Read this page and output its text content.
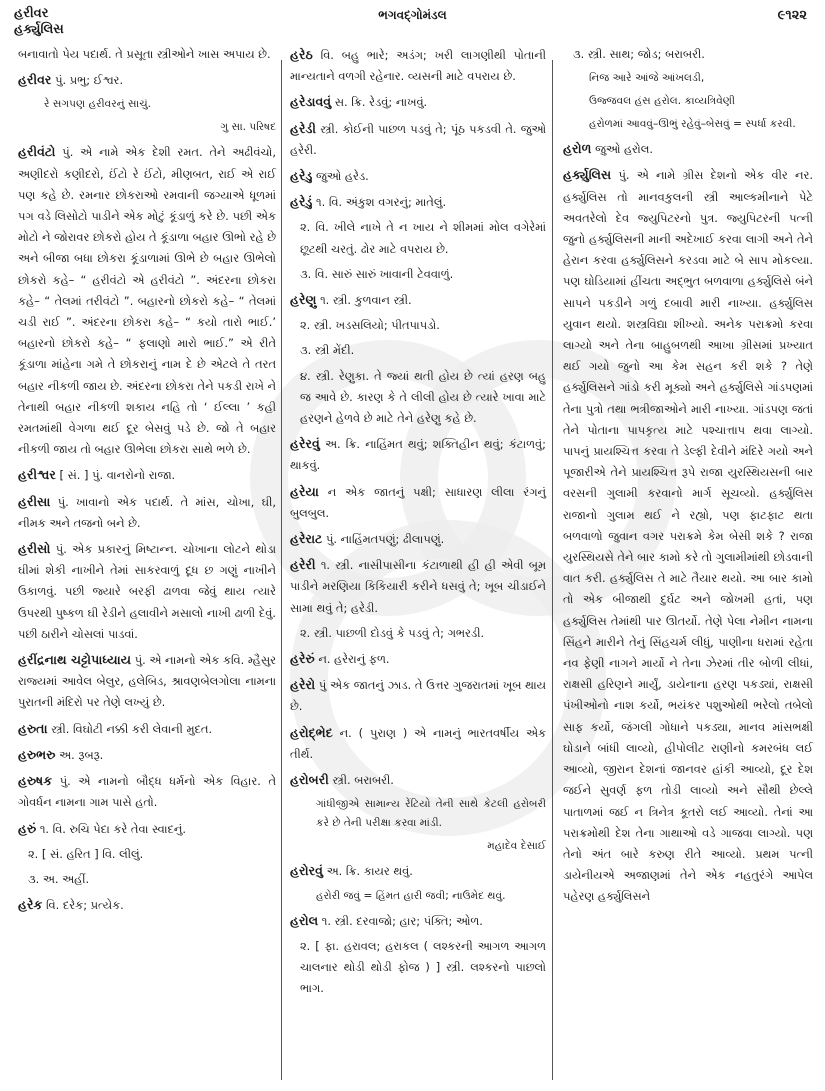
હરીવર
હર્ક્યુલિસ
ભગવદ્ગોમંડલ	૯૧૨૨
બનાવાતો પેય પદાર્થ. તે પ્રસૂતા સ્ત્રીઓને ખાસ અપાય છે.
હરીવર પું. પ્રભુ; ઈશ્વર.
રે સગપણ હરીવરનું સાચું.
ગુ સા. પરિષદ
હરીવંટો પું. એ નામે એક દેશી રમત. તેને અઢીવંચો, અણીદરો કણીદરો, ઈંટો રે ઈંટો, મીણબત, રાઈ એ રાઈ પણ કહે છે. રમનાર છોકરાઓ રમવાની જગ્યાએ ધૂળમાં પગ વડે લિસોટો પાડીને એક મોટું કૂંડાળું કરે છે. પછી એક મોટો ને જોરાવર છોકરો હોય તે કૂંડાળા બહાર ઊભો રહે છે અને બીજા બધા છોકરા કૂંડાળામાં ઊભે છે બહાર ઊભેલો છોકરો કહે– “ હરીવંટો એ હરીવંટો ”. અંદરના છોકરા કહે– “ તેલમાં તરીવંટો ”. બહારનો છોકરો કહે– “ તેલમાં ચડી રાઈ ”. અંદરના છોકરા કહે– “ કયો તારો ભાઈ.’ બહારનો છોકરો કહે– “ ફલાણો મારો ભાઈ.” એ રીતે કૂંડાળા માંહેના ગમે તે છોકરાનું નામ દે છે એટલે તે તરત બહાર નીકળી જાય છે. અંદરના છોકરા તેને પકડી રાખે ને તેનાથી બહાર નીકળી શકાય નહિ તો ‘ ઈલ્લા ’ કહી રમતમાંથી વેગળા થઈ દૂર બેસવું પડે છે. જો તે બહાર નીકળી જાય તો બહાર ઊભેલા છોકરા સાથે ભળે છે.
હરીશ્વર [ સં. ] પું. વાનરોનો રાજા.
હરીસા પું. ખાવાનો એક પદાર્થ. તે માંસ, ચોખા, ઘી, નીમક અને તજનો બને છે.
હરીસો પું. એક પ્રકારનું મિષ્ટાન્ન. ચોખાના લોટને થોડા ઘીમાં શેકી નાખીને તેમાં સાકરવાળું દૂધ છ ગણું નાખીને ઉકાળવું. પછી જ્યારે બરફી ઢાળવા જેવું થાય ત્યારે ઉપરથી પુષ્કળ ઘી રેડીને હલાવીને મસાલો નાખી ઢાળી દેવું. પછી ઠારીને ચોસલાં પાડવાં.
હરીંદ્રનાથ ચટ્ટોપાધ્યાય પું. એ નામનો એક કવિ. મ્હૈસુર રાજ્યમાં આવેલ બેલુર, હલેબિડ, શ્રાવણબેલગોલા નામના પુરાતની મંદિરો પર તેણે લખ્યું છે.
હરુતા સ્ત્રી. વિઘોટી નક્કી કરી લેવાની મુદત.
હરુભરુ અ. રૂબરૂ.
હરુષક પું. એ નામનો બૌદ્ધ ધર્મનો એક વિહાર. તે ગોવર્ધન નામના ગામ પાસે હતો.
હરું ૧. વિ. રુચિ પેદા કરે તેવા સ્વાદનું.
૨. [ સં. હરિત ] વિ. લીલું.
૩. અ. અહીં.
હરેક વિ. દરેક; પ્રત્યેક.
હરેઠ વિ. બહુ ભારે; અડંગ; ખરી લાગણીથી પોતાની માન્યતાને વળગી રહેનાર. વ્યસની માટે વપરાય છે.
હરેડાવવું સ. ક્રિ. રેડવું; નાખવું.
હરેડી સ્ત્રી. કોઈની પાછળ પડવું તે; પૂંઠ પકડવી તે. જુઓ હરેરી.
હરેડુ જુઓ હરેડ.
હરેડું ૧. વિ. અંકુશ વગરનું; માતેલું.
૨. વિ. ખીલે નાખે તે ન ખાય ને શીમમાં મોલ વગેરેમાં છૂટથી ચરતું. ઢોર માટે વપરાય છે.
૩. વિ. સારું સારું ખાવાની ટેવવાળું.
હરેણુ ૧. સ્ત્રી. કુળવાન સ્ત્રી.
૨. સ્ત્રી. ખડસલિયો; પીતપાપડો.
૩. સ્ત્રી મેંદી.
૪. સ્ત્રી. રેણુકા. તે જ્યાં થતી હોય છે ત્યાં હરણ બહુ જ આવે છે. કારણ કે તે લીલી હોય છે ત્યારે ખાવા માટે હરણને હેળવે છે માટે તેને હરેણુ કહે છે.
હરેરવું અ. ક્રિ. નાહિંમત થવું; શક્તિહીન થવું; કંટાળવું; થાકવું.
હરેયા ન એક જાતનું પક્ષી; સાધારણ લીલા રંગનું બુલબુલ.
હરેરાટ પું. નાહિંમતપણું; ઢીલાપણું.
હરેરી ૧. સ્ત્રી. નાસીપાસીના કંટાળાથી હી હી એવી બૂમ પાડીને મરણિયા કિકિયારી કરીને ધસવું તે; ખૂબ ચીડાઈને સામા થવું તે; હરેડી.
૨. સ્ત્રી. પાછળી દોડવું કે પડવું તે; ગભરડી.
હરેરું ન. હરેરાનું ફળ.
હરેરો પું એક જાતનું ઝાડ. તે ઉત્તર ગુજરાતમાં ખૂબ થાય છે.
હરોદ્ભેદ ન. ( પુરાણ ) એ નામનું ભારતવર્ષીય એક તીર્થ.
હરોબરી સ્ત્રી. બરાબરી.
ગાંધીજીએ સામાન્ય રેંટિયો તેની સાથે કેટલી હરોબરી કરે છે તેની પરીક્ષા કરવા માંડી.
મહાદેવ દેસાઈ
હરોરવું અ. ક્રિ. કાયર થવું.
હરોરી જવું = હિંમત હારી જવી; નાઉમેદ થવું.
હરોલ ૧. સ્ત્રી. દરવાજો; હાર; પંક્તિ; ઓળ.
૨. [ ફા. હરાવલ; હરાકલ ( લશ્કરની આગળ આગળ ચાલનાર થોડી થોડી ફોજ ) ] સ્ત્રી. લશ્કરનો પાછલો ભાગ.
૩. સ્ત્રી. સાથ; જોડ; બરાબરી.
નિજ આરે આંજે આંખલડી,
ઉજ્જવલ હંસ હરોલ. કાવ્યત્રિવેણી
હરોળમાં આવવું–ઊભું રહેવું–બેસવું = સ્પર્ધા કરવી.
હરોળ જુઓ હરોલ.
હર્ક્યુલિસ પું. એ નામે ગ્રીસ દેશનો એક વીર નર. હર્ક્યુલિસ તો માનવકુલની સ્ત્રી આલ્કમીનાને પેટે અવતરેલો દેવ જ્યુપિટરનો પુત્ર. જ્યુપિટરની પત્ની જુનો હર્ક્યુલિસની માની અદેખાઈ કરવા લાગી અને તેને હેરાન કરવા હર્ક્યુલિસને કરડવા માટે બે સાપ મોકલ્યા. પણ ઘોડિયામાં હીંચતા અદ્ભુત બળવાળા હર્ક્યુલિસે બંને સાપને પકડીને ગળું દબાવી મારી નાખ્યા. હર્ક્યુલિસ યુવાન થયો. શસ્ત્રવિદ્યા શીખ્યો. અનેક પરાક્રમો કરવા લાગ્યો અને તેના બાહુબળથી આખા ગ્રીસમાં પ્રખ્યાત થઈ ગયો જુનો આ કેમ સહન કરી શકે ? તેણે હર્ક્યુલિસને ગાંડો કરી મૂક્યો અને હર્ક્યુલિસે ગાંડપણમાં તેના પુત્રો તથા ભત્રીજાઓને મારી નાખ્યા. ગાંડપણ જતાં તેને પોતાના પાપકૃત્ય માટે પશ્ચાત્તાપ થવા લાગ્યો. પાપનું પ્રાયશ્ચિત્ત કરવા તે ડેલ્ફી દેવીને મંદિરે ગયો અને પૂજારીએ તેને પ્રાયશ્ચિત્ત રૂપે રાજા યુરસ્થિયસની બાર વરસની ગુલામી કરવાનો માર્ગ સૂચવ્યો. હર્ક્યુલિસ રાજાનો ગુલામ થઈ ને રહ્યો, પણ ફાટફાટ થતા બળવાળો જુવાન વગર પરાક્રમે કેમ બેસી શકે ? રાજા યુરસ્થિયસે તેને બાર કામો કરે તો ગુલામીમાંથી છોડવાની વાત કરી. હર્ક્યુલિસ તે માટે તૈયાર થયો. આ બાર કામો તો એક બીજાથી દુર્ઘટ અને જોખમી હતાં, પણ હર્ક્યુલિસ તેમાંથી પાર ઊતર્યો. તેણે પેલા નેમીન નામના સિંહને મારીને તેનું સિંહચર્મ લીધું, પાણીના ધરામાં રહેતા નવ ફેણી નાગને માર્યો ને તેના ઝેરમાં તીર બોળી લીધાં, રાક્ષસી હરિણને માર્યું, ડાયેનાના હરણ પકડ્યાં, રાક્ષસી પંખીઓનો નાશ કર્યો, ભયંકર પશુઓથી ભરેલો તબેલો સાફ કર્યો, જંગલી ગોધાને પકડ્યા, માનવ માંસભક્ષી ઘોડાને બાંધી લાવ્યો, હીપોલીટ રાણીનો કમરબંધ લઈ આવ્યો, જીરાન દેશનાં જાનવર હાંકી આવ્યો, દૂર દેશ જઈને સુવર્ણ ફળ તોડી લાવ્યો અને સૌથી છેલ્લે પાતાળમાં જઈ ન ત્રિનેત્ર કૂતરો લઈ આવ્યો. તેનાં આ પરાક્રમોથી દેશ તેના ગાથાઓ વડે ગાજવા લાગ્યો. પણ તેનો અંત બારે કરુણ રીતે આવ્યો. પ્રથમ પત્ની ડાયેનીયએ અજાણમાં તેને એક નહતુરંગે આપેલ પહેરણ હર્ક્યુલિસને
